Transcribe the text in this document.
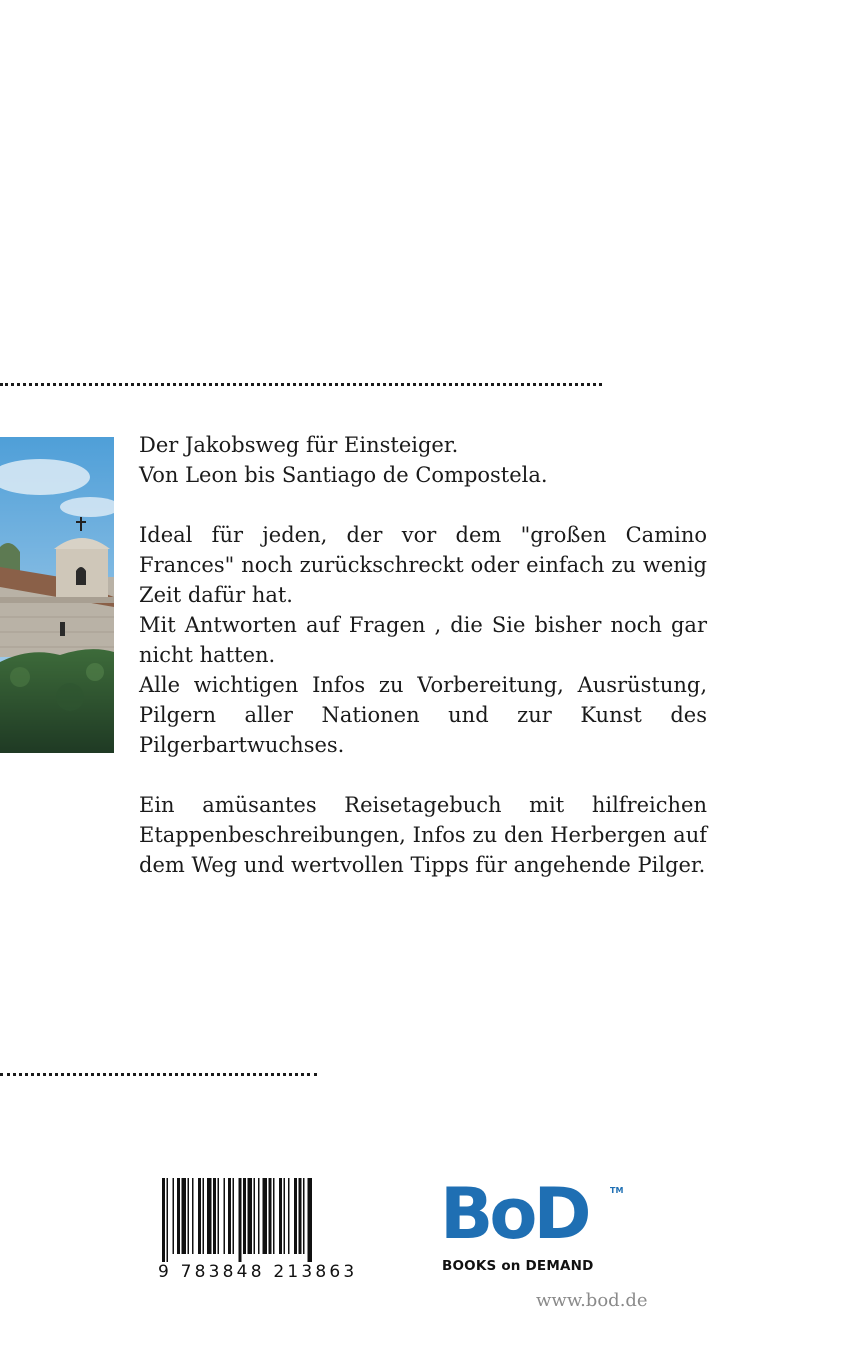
Der Jakobsweg für Einsteiger.

Von Leon bis Santiago de Compostela.

Ideal für jeden, der vor dem "großen Camino Frances" noch zurückschreckt oder einfach zu wenig Zeit dafür hat.

Mit Antworten auf Fragen , die Sie bisher noch gar nicht hatten.

Alle wichtigen Infos zu Vorbereitung, Ausrüstung, Pilgern aller Nationen und zur Kunst des Pilgerbartwuchses.

Ein amüsantes Reisetagebuch mit hilfreichen Etappenbeschreibungen, Infos zu den Herbergen auf dem Weg und wertvollen Tipps für angehende Pilger.

9 783848 213863
BoD	TM
BOOKS on DEMAND
www.bod.de
